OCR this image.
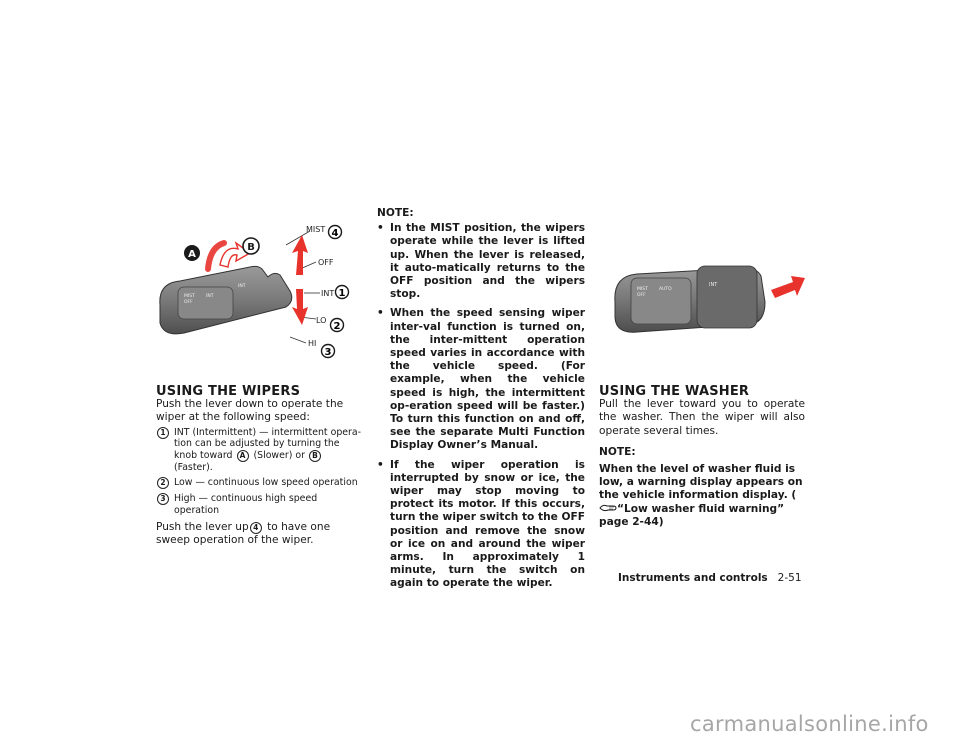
MIST
OFF
INT
INT
A
B
MIST
OFF
INT
LO
HI
4
1
2
3
MIST
OFF
AUTO
INT

USING THE WIPERS

Push the lever down to operate the wiper at the following speed:

1 INT (Intermittent) — intermittent opera-tion can be adjusted by turning the knob toward A (Slower) or B (Faster).
2 Low — continuous low speed operation
3 High — continuous high speed operation

Push the lever up 4 to have one sweep operation of the wiper.

NOTE:

• In the MIST position, the wipers operate while the lever is lifted up. When the lever is released, it auto-matically returns to the OFF position and the wipers stop.
• When the speed sensing wiper inter-val function is turned on, the inter-mittent operation speed varies in accordance with the vehicle speed. (For example, when the vehicle speed is high, the intermittent op-eration speed will be faster.) To turn this function on and off, see the separate Multi Function Display Owner’s Manual.
• If the wiper operation is interrupted by snow or ice, the wiper may stop moving to protect its motor. If this occurs, turn the wiper switch to the OFF position and remove the snow or ice on and around the wiper arms. In approximately 1 minute, turn the switch on again to operate the wiper.

USING THE WASHER

Pull the lever toward you to operate the washer. Then the wiper will also operate several times.

NOTE:

When the level of washer fluid is low, a warning display appears on the vehicle information display. (“Low washer fluid warning” page 2-44)

Instruments and controls 2-51
carmanualsonline.info
